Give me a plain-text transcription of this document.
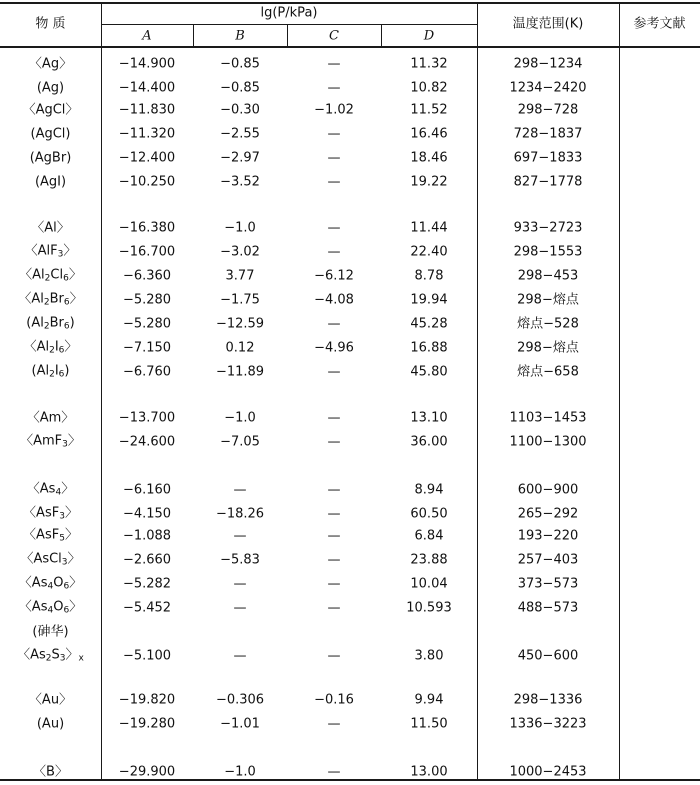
物 质
lg(P/kPa)
A	B	C	D
温度范围(K)	参考文献
〈Ag〉	−14.900	−0.85	—	11.32	298−1234
(Ag)	−14.400	−0.85	—	10.82	1234−2420
〈AgCl〉	−11.830	−0.30	−1.02	11.52	298−728
(AgCl)	−11.320	−2.55	—	16.46	728−1837
(AgBr)	−12.400	−2.97	—	18.46	697−1833
(AgI)	−10.250	−3.52	—	19.22	827−1778
〈Al〉	−16.380	−1.0	—	11.44	933−2723
〈AlF$_3$〉	−16.700	−3.02	—	22.40	298−1553
〈$Al_2Cl_6$〉	−6.360	3.77	−6.12	8.78	298−453
〈$Al_2Br_6$〉	−5.280	−1.75	−4.08	19.94	298−熔点
$(Al_2Br_6)$	−5.280	−12.59	—	45.28	熔点−528
〈$Al_2I_6$〉	−7.150	0.12	−4.96	16.88	298−熔点
$(Al_2I_6)$	−6.760	−11.89	—	45.80	熔点−658
〈Am〉	−13.700	−1.0	—	13.10	1103−1453
〈AmF$_3$〉	−24.600	−7.05	—	36.00	1100−1300
〈$As_4$〉	−6.160	—	—	8.94	600−900
〈AsF$_3$〉	−4.150	−18.26	—	60.50	265−292
〈AsF$_5$〉	−1.088	—	—	6.84	193−220
〈AsCl$_3$〉	−2.660	−5.83	—	23.88	257−403
〈$As_4O_6$〉	−5.282	—	—	10.04	373−573
〈$As_4O_6$〉	−5.452	—	—	10.593	488−573
(砷华)
〈$As_2S_3$〉$_x$	−5.100	—	—	3.80	450−600
〈Au〉	−19.820	−0.306	−0.16	9.94	298−1336
(Au)	−19.280	−1.01	—	11.50	1336−3223
〈B〉	−29.900	−1.0	—	13.00	1000−2453
